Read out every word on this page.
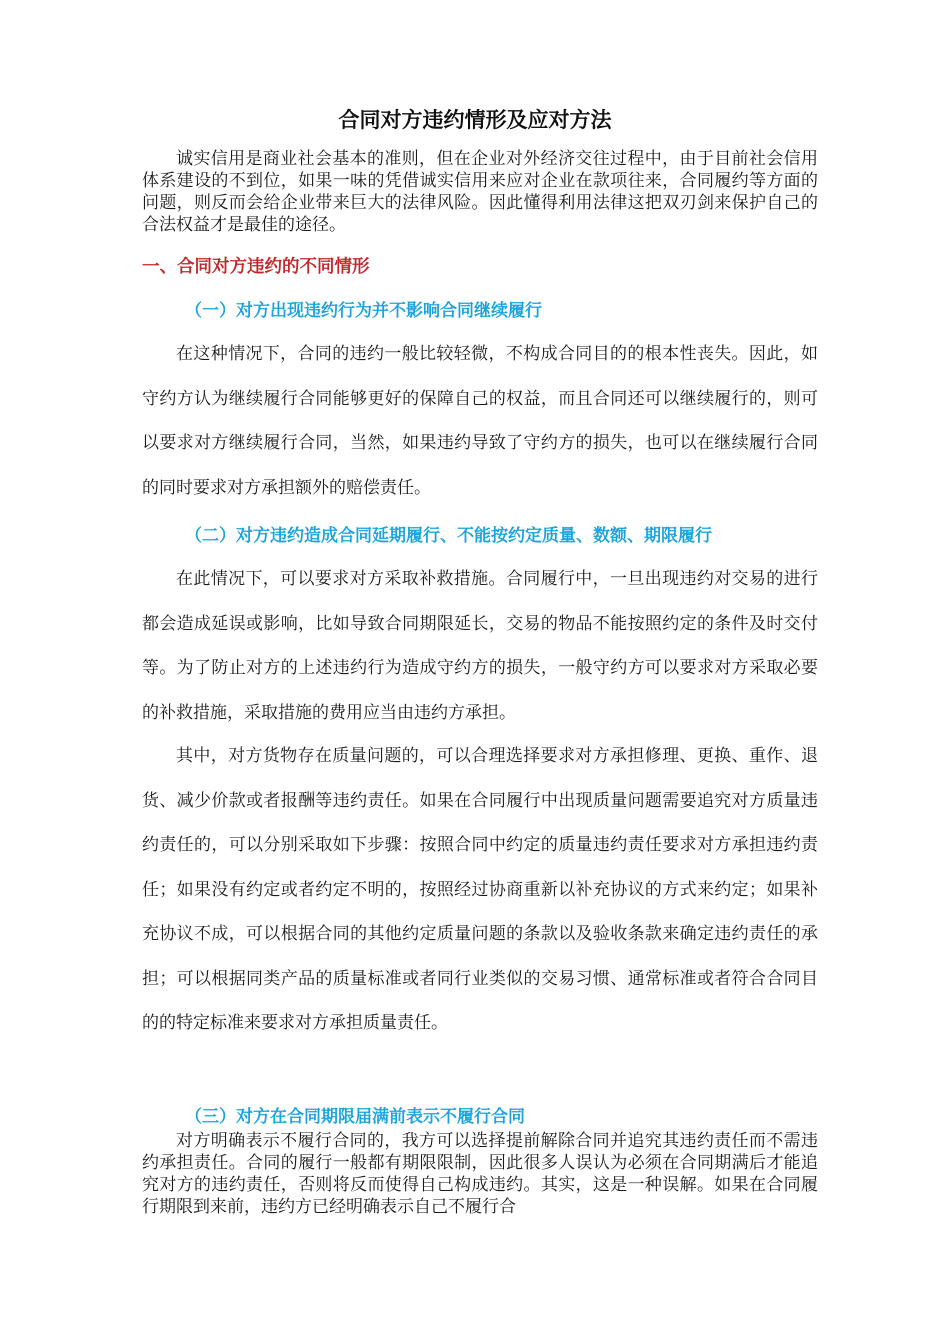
合同对方违约情形及应对方法

诚实信用是商业社会基本的准则，但在企业对外经济交往过程中，由于目前社会信用体系建设的不到位，如果一味的凭借诚实信用来应对企业在款项往来，合同履约等方面的问题，则反而会给企业带来巨大的法律风险。因此懂得利用法律这把双刃剑来保护自己的合法权益才是最佳的途径。

一、合同对方违约的不同情形
（一）对方出现违约行为并不影响合同继续履行

在这种情况下，合同的违约一般比较轻微，不构成合同目的的根本性丧失。因此，如守约方认为继续履行合同能够更好的保障自己的权益，而且合同还可以继续履行的，则可以要求对方继续履行合同，当然，如果违约导致了守约方的损失，也可以在继续履行合同的同时要求对方承担额外的赔偿责任。

（二）对方违约造成合同延期履行、不能按约定质量、数额、期限履行

在此情况下，可以要求对方采取补救措施。合同履行中，一旦出现违约对交易的进行都会造成延误或影响，比如导致合同期限延长，交易的物品不能按照约定的条件及时交付等。为了防止对方的上述违约行为造成守约方的损失，一般守约方可以要求对方采取必要的补救措施，采取措施的费用应当由违约方承担。

其中，对方货物存在质量问题的，可以合理选择要求对方承担修理、更换、重作、退货、减少价款或者报酬等违约责任。如果在合同履行中出现质量问题需要追究对方质量违约责任的，可以分别采取如下步骤：按照合同中约定的质量违约责任要求对方承担违约责任；如果没有约定或者约定不明的，按照经过协商重新以补充协议的方式来约定；如果补充协议不成，可以根据合同的其他约定质量问题的条款以及验收条款来确定违约责任的承担；可以根据同类产品的质量标准或者同行业类似的交易习惯、通常标准或者符合合同目的的特定标准来要求对方承担质量责任。

（三）对方在合同期限届满前表示不履行合同

对方明确表示不履行合同的，我方可以选择提前解除合同并追究其违约责任而不需违约承担责任。合同的履行一般都有期限限制，因此很多人误认为必须在合同期满后才能追究对方的违约责任，否则将反而使得自己构成违约。其实，这是一种误解。如果在合同履行期限到来前，违约方已经明确表示自己不履行合
